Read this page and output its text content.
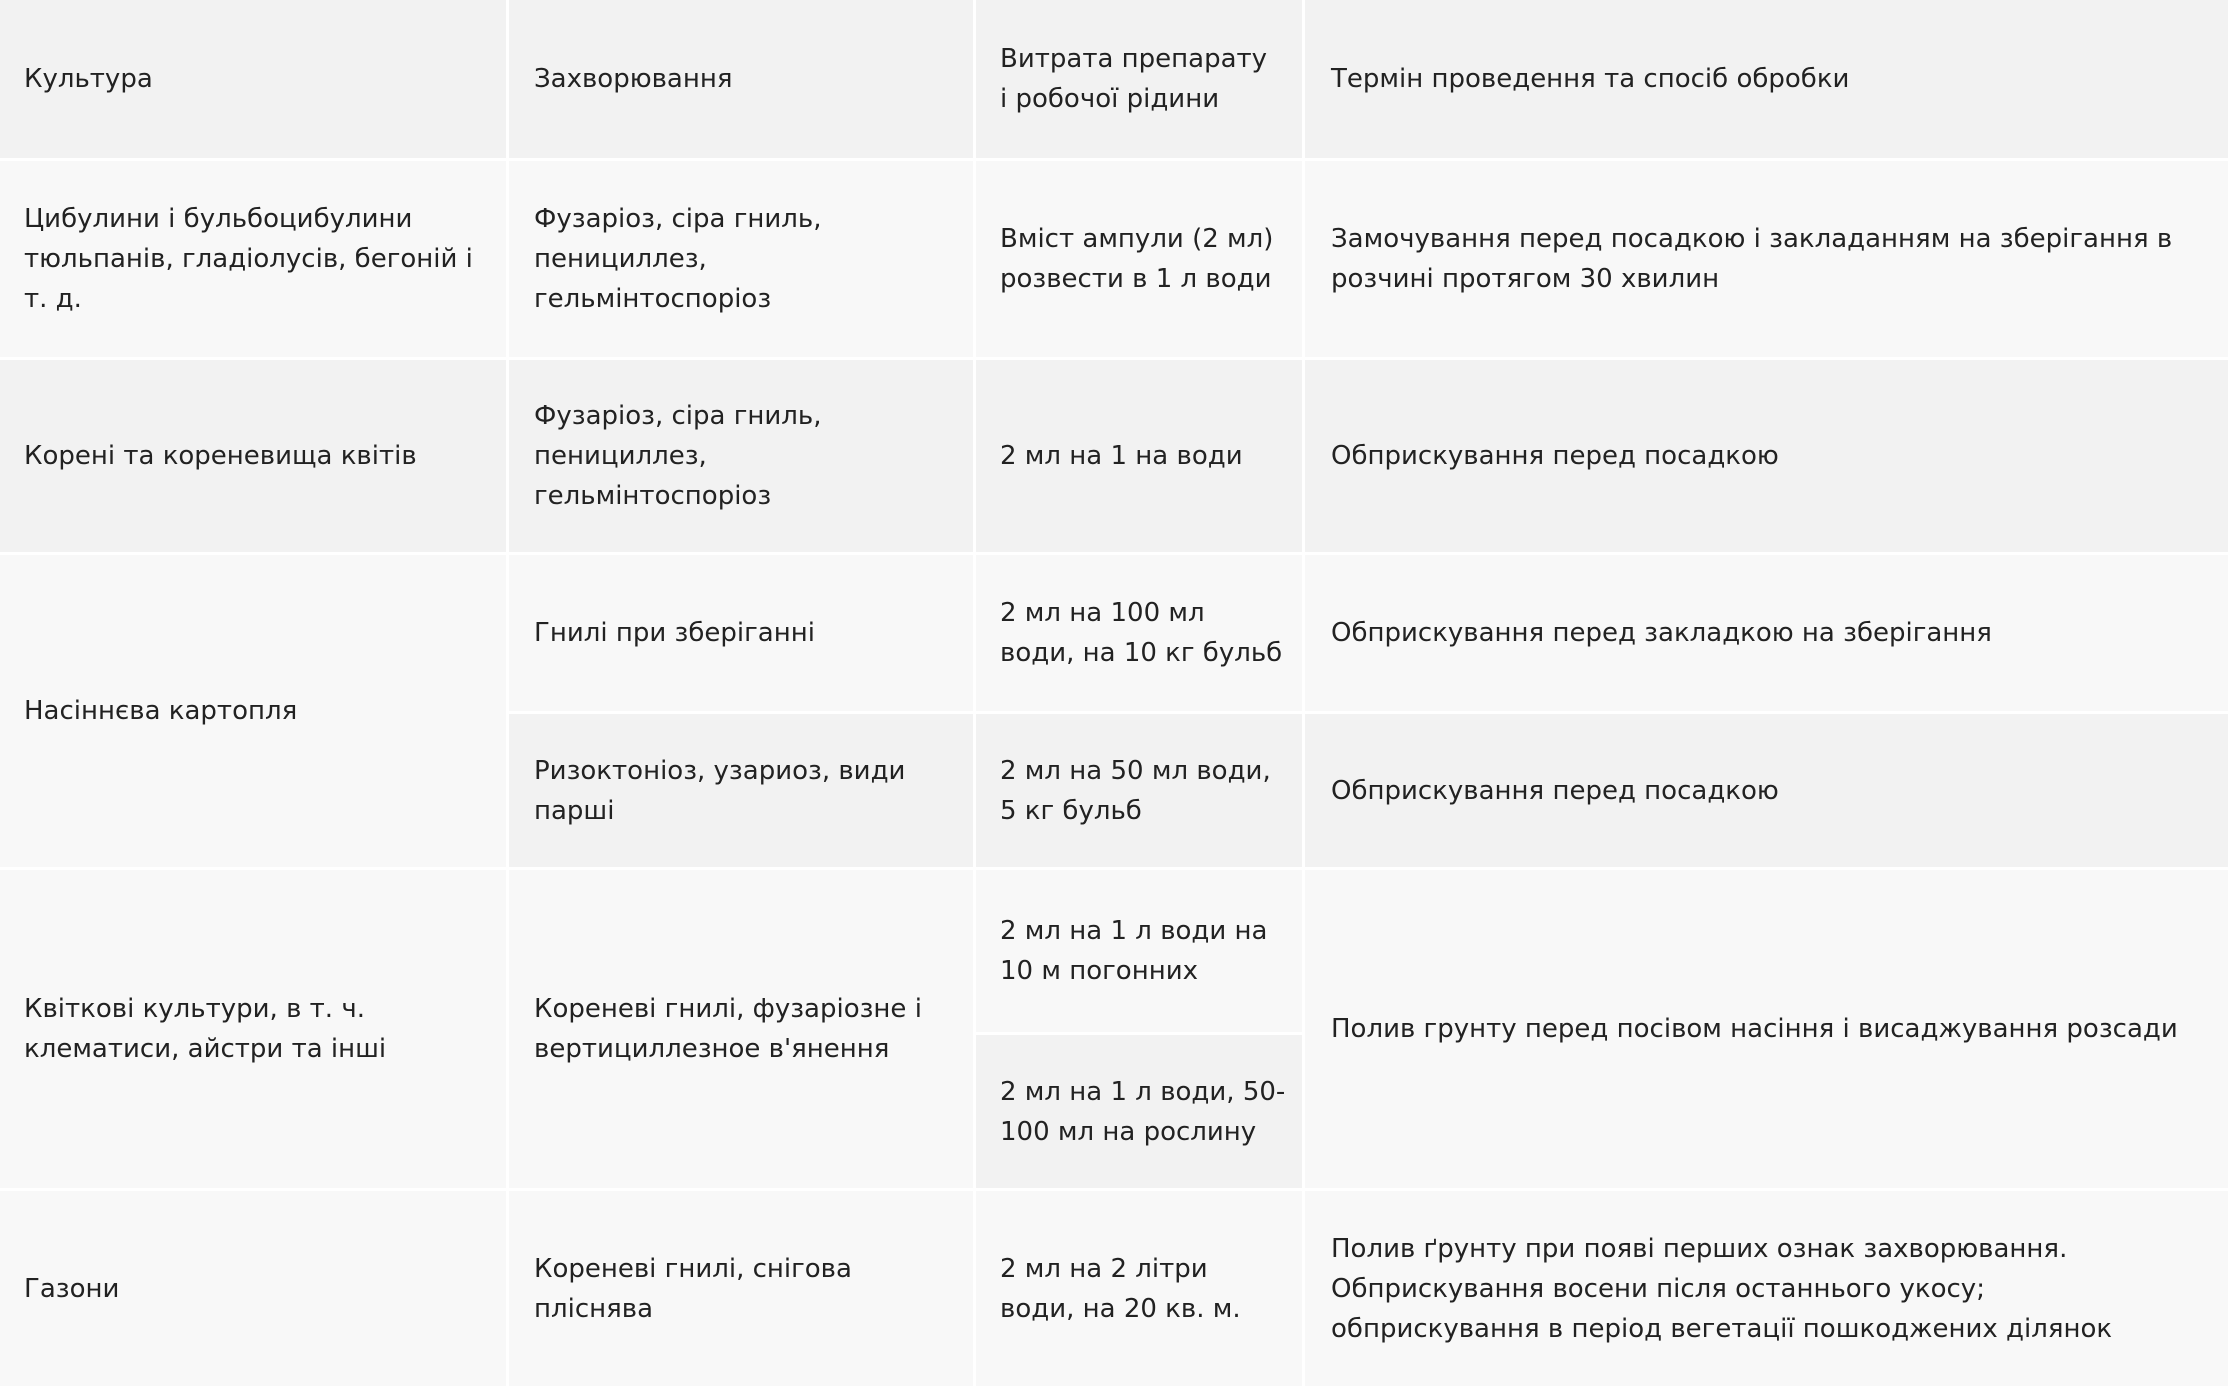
Культура	Захворювання
Витрата препарату
і робочої рідини
Термін проведення та спосіб обробки
Цибулини і бульбоцибулини
тюльпанів, гладіолусів, бегоній і
т. д.
Фузаріоз, сіра гниль,
пенициллез,
гельмінтоспоріоз
Вміст ампули (2 мл)
розвести в 1 л води
Замочування перед посадкою і закладанням на зберігання в
розчині протягом 30 хвилин
Корені та кореневища квітів
Фузаріоз, сіра гниль,
пенициллез,
гельмінтоспоріоз
2 мл на 1 на води	Обприскування перед посадкою
Насіннєва картопля
Гнилі при зберіганні
2 мл на 100 мл
води, на 10 кг бульб
Обприскування перед закладкою на зберігання
Ризоктоніоз, узариоз, види
парші
2 мл на 50 мл води,
5 кг бульб
Обприскування перед посадкою
Квіткові культури, в т. ч.
клематиси, айстри та інші
Кореневі гнилі, фузаріозне і
вертициллезное в'янення
2 мл на 1 л води на
10 м погонних
2 мл на 1 л води, 50-
100 мл на рослину
Полив грунту перед посівом насіння і висаджування розсади
Газони
Кореневі гнилі, снігова
пліснява
2 мл на 2 літри
води, на 20 кв. м.
Полив ґрунту при появі перших ознак захворювання.
Обприскування восени після останнього укосу;
обприскування в період вегетації пошкоджених ділянок
